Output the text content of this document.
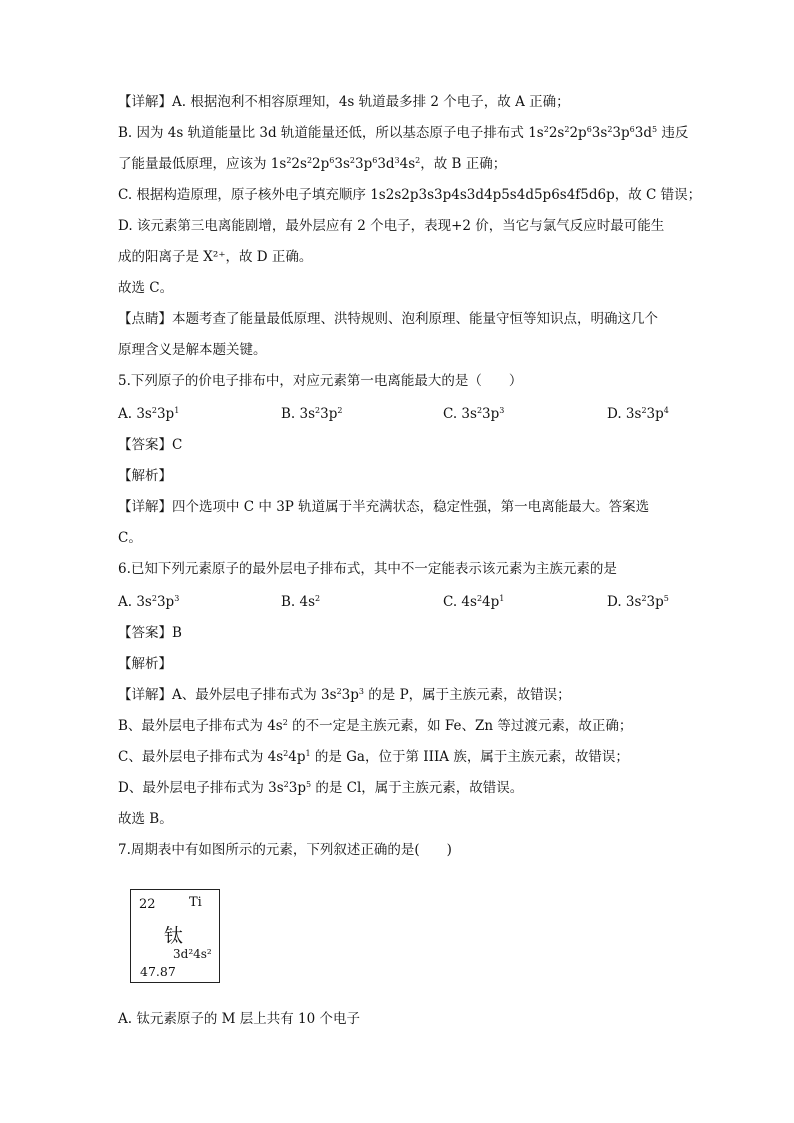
【详解】A. 根据泡利不相容原理知，4s 轨道最多排 2 个电子，故 A 正确；
B. 因为 4s 轨道能量比 3d 轨道能量还低，所以基态原子电子排布式 $1s^22s^22p^63s^23p^63d^5$ 违反
了能量最低原理，应该为 $1s^22s^22p^63s^23p^63d^34s^2$，故 B 正确；
C. 根据构造原理，原子核外电子填充顺序 1s2s2p3s3p4s3d4p5s4d5p6s4f5d6p，故 C 错误；
D. 该元素第三电离能剧增，最外层应有 2 个电子，表现+2 价，当它与氯气反应时最可能生
成的阳离子是 X²⁺，故 D 正确。
故选 C。
【点睛】本题考查了能量最低原理、洪特规则、泡利原理、能量守恒等知识点，明确这几个
原理含义是解本题关键。
5.下列原子的价电子排布中，对应元素第一电离能最大的是（　　）
A. $3s^23p^1$	B. $3s^23p^2$	C. $3s^23p^3$	D. $3s^23p^4$
【答案】C
【解析】
【详解】四个选项中 C 中 3P 轨道属于半充满状态，稳定性强，第一电离能最大。答案选
C。
6.已知下列元素原子的最外层电子排布式，其中不一定能表示该元素为主族元素的是
A. $3s^23p^3$	B. $4s^2$	C. $4s^24p^1$	D. $3s^23p^5$
【答案】B
【解析】
【详解】A、最外层电子排布式为 $3s^23p^3$ 的是 P，属于主族元素，故错误；
B、最外层电子排布式为 $4s^2$ 的不一定是主族元素，如 Fe、Zn 等过渡元素，故正确；
C、最外层电子排布式为 $4s^24p^1$ 的是 Ga，位于第 IIIA 族，属于主族元素，故错误；
D、最外层电子排布式为 $3s^23p^5$ 的是 Cl，属于主族元素，故错误。
故选 B。
7.周期表中有如图所示的元素，下列叙述正确的是(　　)
22	Ti
钛
3d²4s²
47.87
A. 钛元素原子的 M 层上共有 10 个电子
